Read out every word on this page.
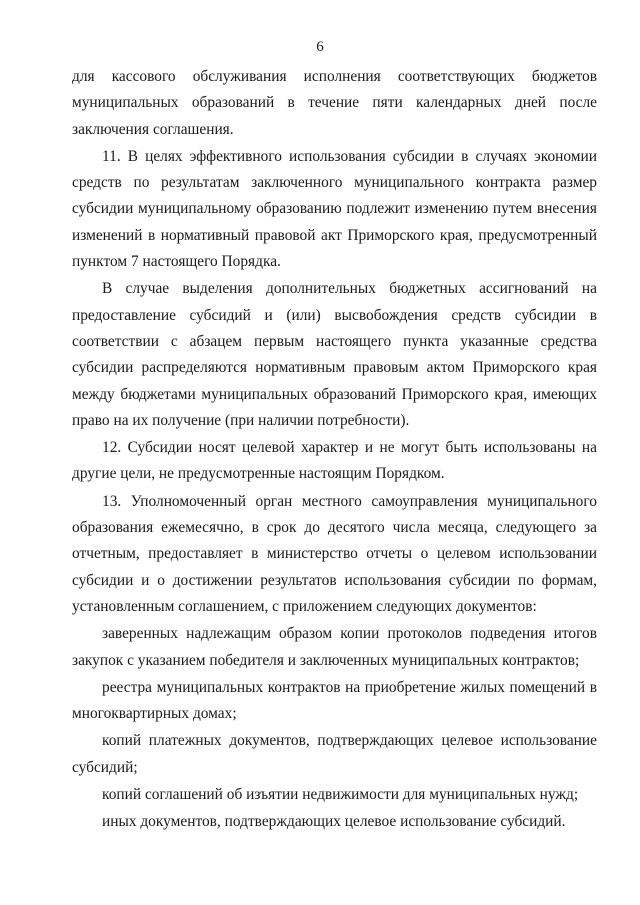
6

для кассового обслуживания исполнения соответствующих бюджетов муниципальных образований в течение пяти календарных дней после заключения соглашения.

11. В целях эффективного использования субсидии в случаях экономии средств по результатам заключенного муниципального контракта размер субсидии муниципальному образованию подлежит изменению путем внесения изменений в нормативный правовой акт Приморского края, предусмотренный пунктом 7 настоящего Порядка.

В случае выделения дополнительных бюджетных ассигнований на предоставление субсидий и (или) высвобождения средств субсидии в соответствии с абзацем первым настоящего пункта указанные средства субсидии распределяются нормативным правовым актом Приморского края между бюджетами муниципальных образований Приморского края, имеющих право на их получение (при наличии потребности).

12. Субсидии носят целевой характер и не могут быть использованы на другие цели, не предусмотренные настоящим Порядком.

13. Уполномоченный орган местного самоуправления муниципального образования ежемесячно, в срок до десятого числа месяца, следующего за отчетным, предоставляет в министерство отчеты о целевом использовании субсидии и о достижении результатов использования субсидии по формам, установленным соглашением, с приложением следующих документов:

заверенных надлежащим образом копии протоколов подведения итогов закупок с указанием победителя и заключенных муниципальных контрактов;

реестра муниципальных контрактов на приобретение жилых помещений в многоквартирных домах;

копий платежных документов, подтверждающих целевое использование субсидий;

копий соглашений об изъятии недвижимости для муниципальных нужд;

иных документов, подтверждающих целевое использование субсидий.
